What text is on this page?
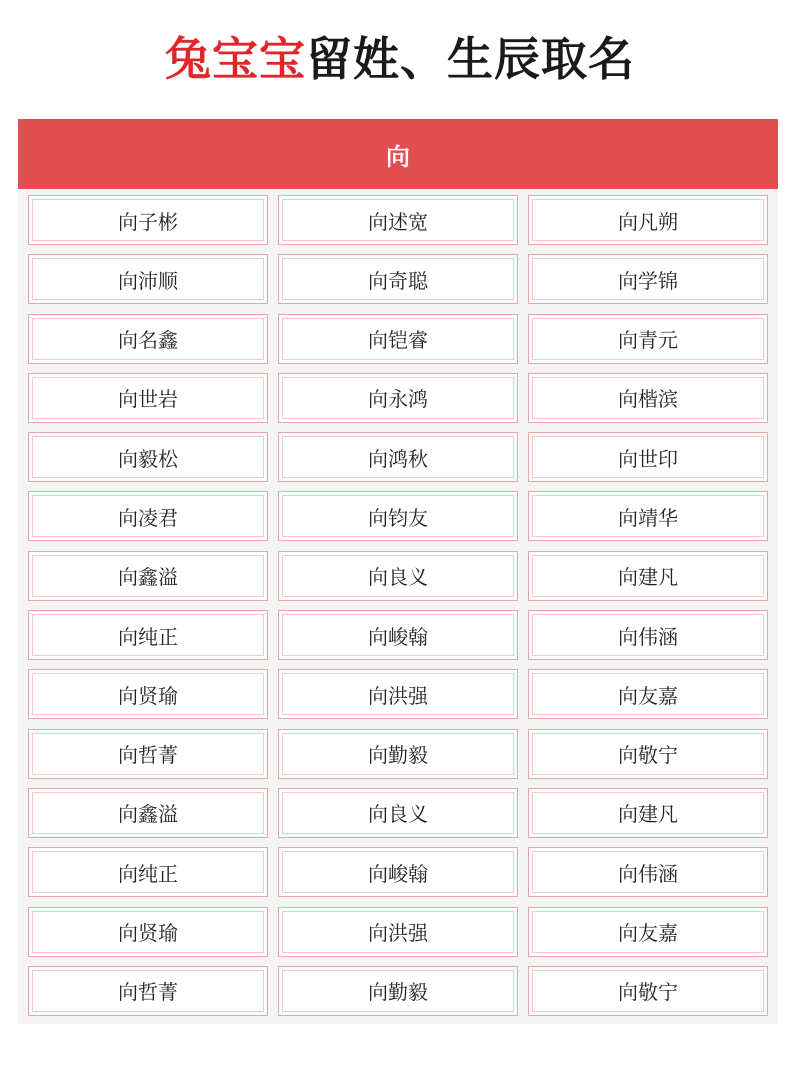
兔宝宝留姓、生辰取名
向
向子彬	向述宽	向凡朔
向沛顺	向奇聪	向学锦
向名鑫	向铠睿	向青元
向世岩	向永鸿	向楷滨
向毅松	向鸿秋	向世印
向凌君	向钧友	向靖华
向鑫溢	向良义	向建凡
向纯正	向峻翰	向伟涵
向贤瑜	向洪强	向友嘉
向哲菁	向勤毅	向敬宁
向鑫溢	向良义	向建凡
向纯正	向峻翰	向伟涵
向贤瑜	向洪强	向友嘉
向哲菁	向勤毅	向敬宁
